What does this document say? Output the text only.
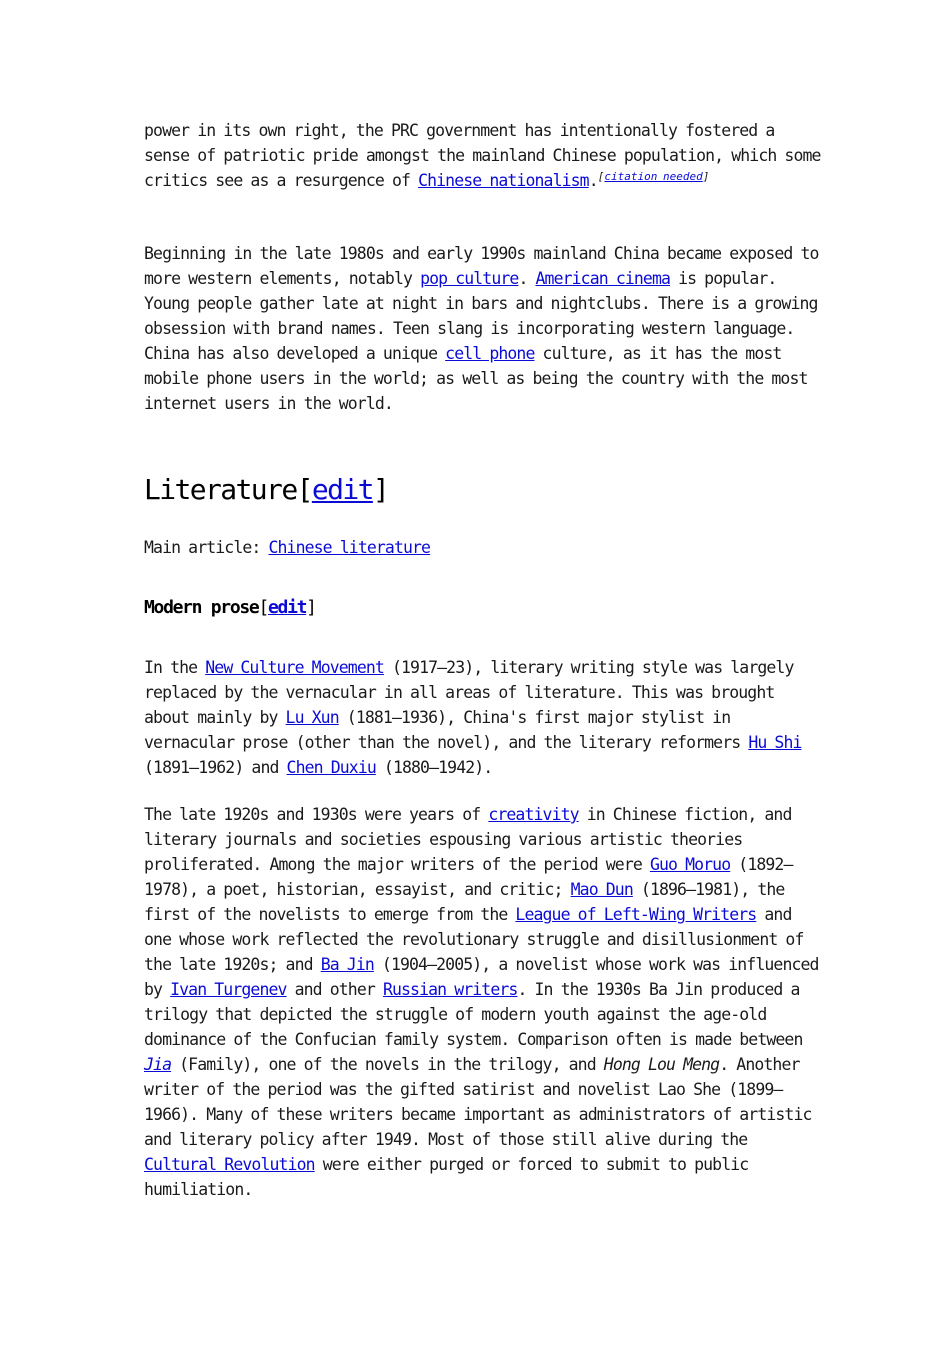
power in its own right, the PRC government has intentionally fostered a sense of patriotic pride amongst the mainland Chinese population, which some critics see as a resurgence of Chinese nationalism.[citation needed]

Beginning in the late 1980s and early 1990s mainland China became exposed to more western elements, notably pop culture. American cinema is popular. Young people gather late at night in bars and nightclubs. There is a growing obsession with brand names. Teen slang is incorporating western language. China has also developed a unique cell phone culture, as it has the most mobile phone users in the world; as well as being the country with the most internet users in the world.

Literature[edit]

Main article: Chinese literature

Modern prose[edit]

In the New Culture Movement (1917–23), literary writing style was largely replaced by the vernacular in all areas of literature. This was brought about mainly by Lu Xun (1881–1936), China's first major stylist in vernacular prose (other than the novel), and the literary reformers Hu Shi (1891–1962) and Chen Duxiu (1880–1942).

The late 1920s and 1930s were years of creativity in Chinese fiction, and literary journals and societies espousing various artistic theories proliferated. Among the major writers of the period were Guo Moruo (1892–1978), a poet, historian, essayist, and critic; Mao Dun (1896–1981), the first of the novelists to emerge from the League of Left-Wing Writers and one whose work reflected the revolutionary struggle and disillusionment of the late 1920s; and Ba Jin (1904–2005), a novelist whose work was influenced by Ivan Turgenev and other Russian writers. In the 1930s Ba Jin produced a trilogy that depicted the struggle of modern youth against the age-old dominance of the Confucian family system. Comparison often is made between Jia (Family), one of the novels in the trilogy, and Hong Lou Meng. Another writer of the period was the gifted satirist and novelist Lao She (1899–1966). Many of these writers became important as administrators of artistic and literary policy after 1949. Most of those still alive during the Cultural Revolution were either purged or forced to submit to public humiliation.
